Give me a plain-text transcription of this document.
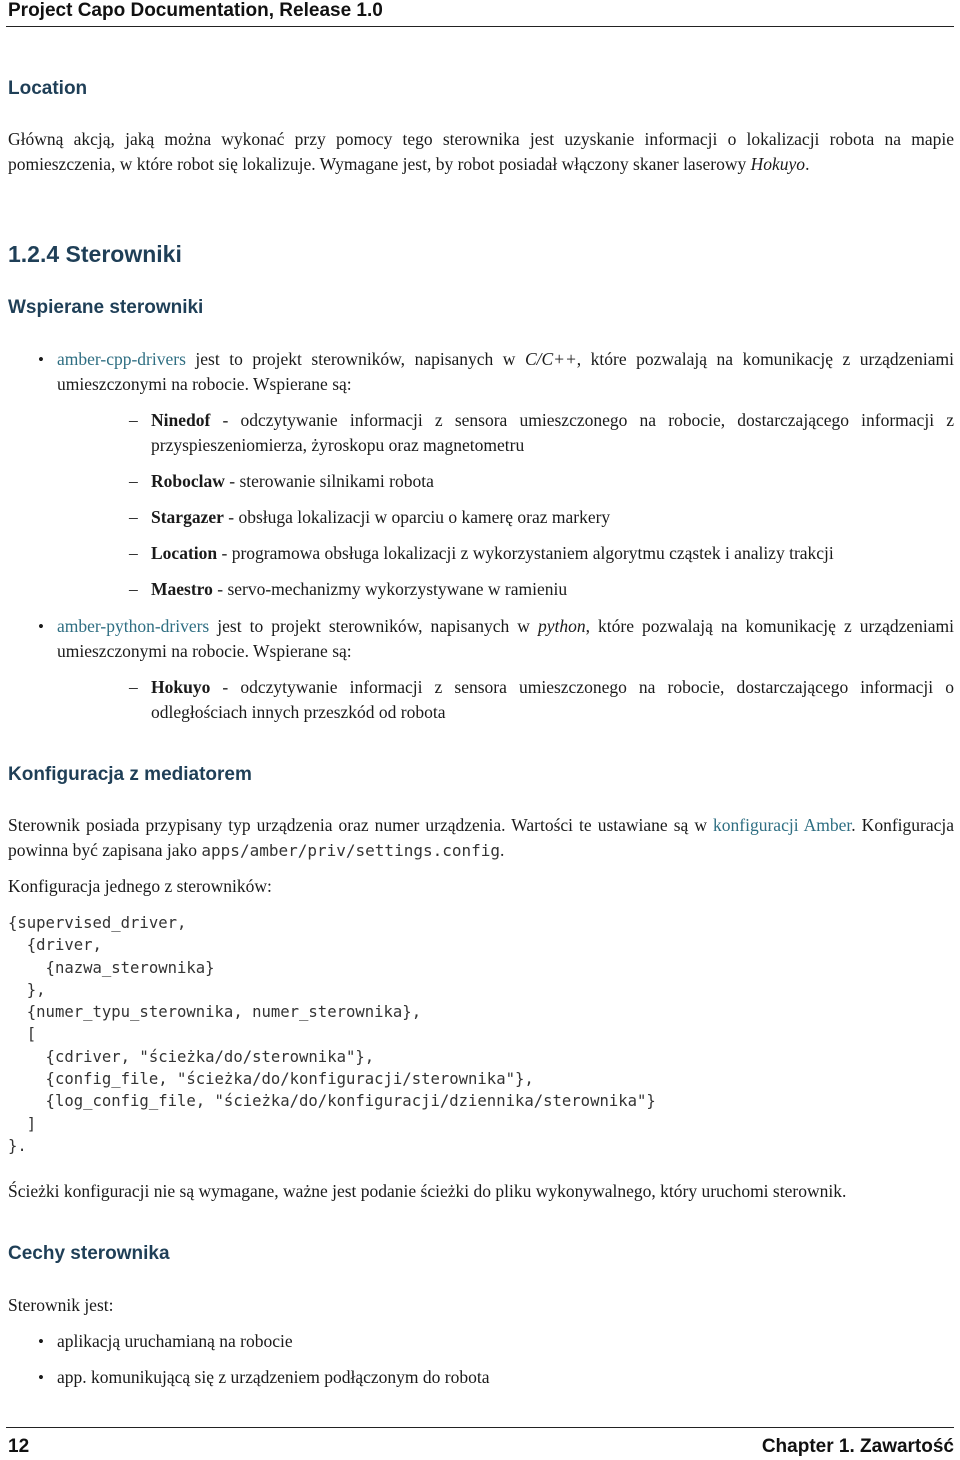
Project Capo Documentation, Release 1.0
Location

Główną akcją, jaką można wykonać przy pomocy tego sterownika jest uzyskanie informacji o lokalizacji robota na mapie pomieszczenia, w które robot się lokalizuje. Wymagane jest, by robot posiadał włączony skaner laserowy Hokuyo.

1.2.4 Sterowniki
Wspierane sterowniki
• amber-cpp-drivers jest to projekt sterowników, napisanych w C/C++, które pozwalają na komunikację z urządzeniami umieszczonymi na robocie. Wspierane są:

– Ninedof - odczytywanie informacji z sensora umieszczonego na robocie, dostarczającego informacji z przyspieszeniomierza, żyroskopu oraz magnetometru

– Roboclaw - sterowanie silnikami robota

– Stargazer - obsługa lokalizacji w oparciu o kamerę oraz markery

– Location - programowa obsługa lokalizacji z wykorzystaniem algorytmu cząstek i analizy trakcji

– Maestro - servo-mechanizmy wykorzystywane w ramieniu

• amber-python-drivers jest to projekt sterowników, napisanych w python, które pozwalają na komunikację z urządzeniami umieszczonymi na robocie. Wspierane są:

– Hokuyo - odczytywanie informacji z sensora umieszczonego na robocie, dostarczającego informacji o odległościach innych przeszkód od robota

Konfiguracja z mediatorem

Sterownik posiada przypisany typ urządzenia oraz numer urządzenia. Wartości te ustawiane są w konfiguracji Amber. Konfiguracja powinna być zapisana jako apps/amber/priv/settings.config.

Konfiguracja jednego z sterowników:

{supervised_driver,
{driver,
{nazwa_sterownika}
},
{numer_typu_sterownika, numer_sterownika},
[
{cdriver, "ścieżka/do/sterownika"},
{config_file, "ścieżka/do/konfiguracji/sterownika"},
{log_config_file, "ścieżka/do/konfiguracji/dziennika/sterownika"}
]
}.

Ścieżki konfiguracji nie są wymagane, ważne jest podanie ścieżki do pliku wykonywalnego, który uruchomi sterownik.

Cechy sterownika

Sterownik jest:

• aplikacją uruchamianą na robocie

• app. komunikującą się z urządzeniem podłączonym do robota

12	Chapter 1. Zawartość
